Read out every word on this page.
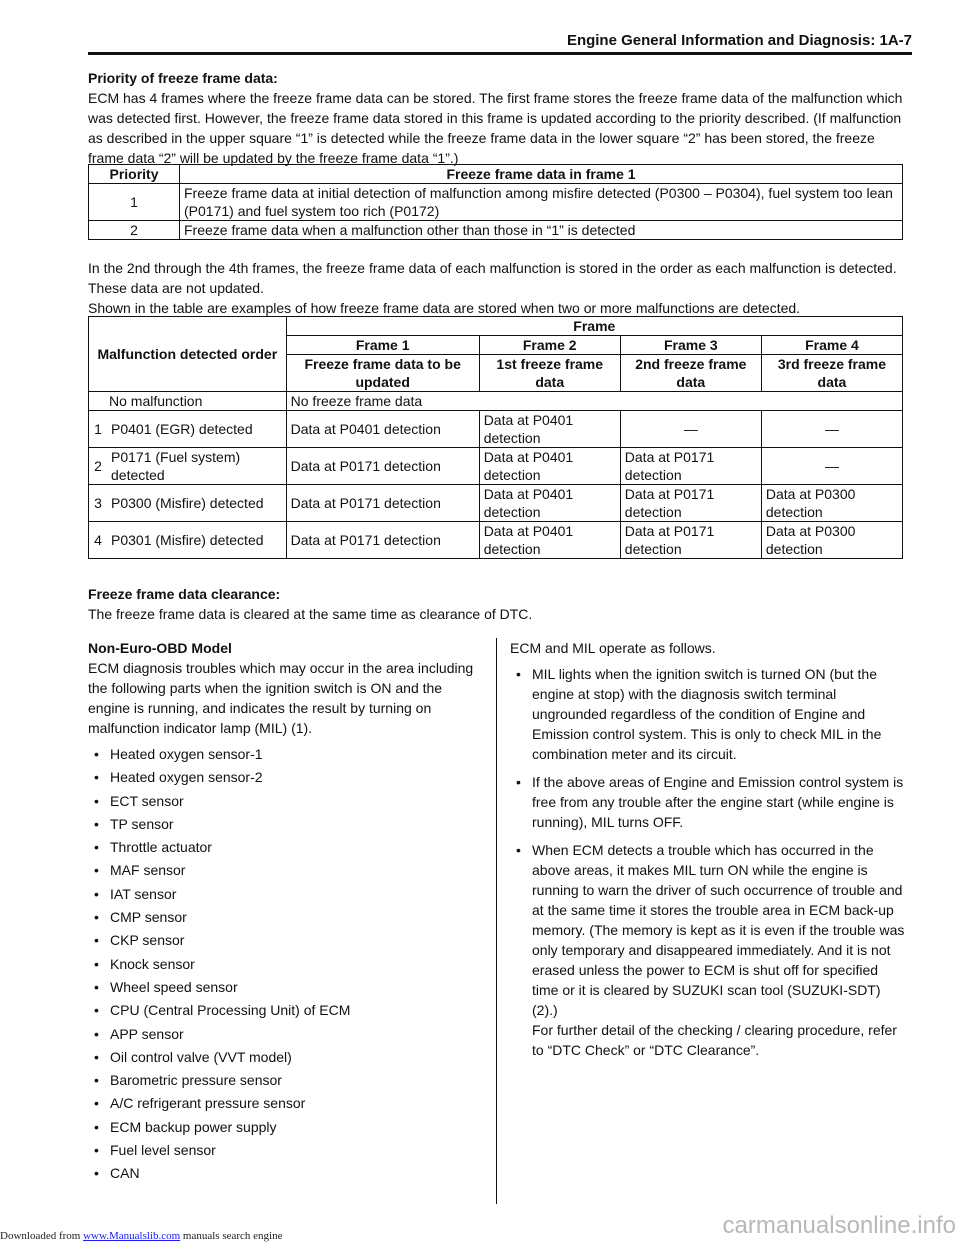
Engine General Information and Diagnosis: 1A-7

Priority of freeze frame data:

ECM has 4 frames where the freeze frame data can be stored. The first frame stores the freeze frame data of the malfunction which was detected first. However, the freeze frame data stored in this frame is updated according to the priority described. (If malfunction as described in the upper square “1” is detected while the freeze frame data in the lower square “2” has been stored, the freeze frame data “2” will be updated by the freeze frame data “1”.)

Priority	Freeze frame data in frame 1
1	Freeze frame data at initial detection of malfunction among misfire detected (P0300 – P0304), fuel system too lean (P0171) and fuel system too rich (P0172)
2	Freeze frame data when a malfunction other than those in “1” is detected

In the 2nd through the 4th frames, the freeze frame data of each malfunction is stored in the order as each malfunction is detected. These data are not updated.

Shown in the table are examples of how freeze frame data are stored when two or more malfunctions are detected.

Malfunction detected order		Frame			
		Frame 1	Frame 2	Frame 3	Frame 4
		Freeze frame data to be updated	1st freeze frame data	2nd freeze frame data	3rd freeze frame data
No malfunction		No freeze frame data			
1	P0401 (EGR) detected	Data at P0401 detection	Data at P0401 detection	—	—
2	P0171 (Fuel system) detected	Data at P0171 detection	Data at P0401 detection	Data at P0171 detection	—
3	P0300 (Misfire) detected	Data at P0171 detection	Data at P0401 detection	Data at P0171 detection	Data at P0300 detection
4	P0301 (Misfire) detected	Data at P0171 detection	Data at P0401 detection	Data at P0171 detection	Data at P0300 detection

Freeze frame data clearance:

The freeze frame data is cleared at the same time as clearance of DTC.

Non-Euro-OBD Model

ECM diagnosis troubles which may occur in the area including the following parts when the ignition switch is ON and the engine is running, and indicates the result by turning on malfunction indicator lamp (MIL) (1).

• Heated oxygen sensor-1
• Heated oxygen sensor-2
• ECT sensor
• TP sensor
• Throttle actuator
• MAF sensor
• IAT sensor
• CMP sensor
• CKP sensor
• Knock sensor
• Wheel speed sensor
• CPU (Central Processing Unit) of ECM
• APP sensor
• Oil control valve (VVT model)
• Barometric pressure sensor
• A/C refrigerant pressure sensor
• ECM backup power supply
• Fuel level sensor
• CAN

ECM and MIL operate as follows.

• MIL lights when the ignition switch is turned ON (but the engine at stop) with the diagnosis switch terminal ungrounded regardless of the condition of Engine and Emission control system. This is only to check MIL in the combination meter and its circuit.
• If the above areas of Engine and Emission control system is free from any trouble after the engine start (while engine is running), MIL turns OFF.
• When ECM detects a trouble which has occurred in the above areas, it makes MIL turn ON while the engine is running to warn the driver of such occurrence of trouble and at the same time it stores the trouble area in ECM back-up memory. (The memory is kept as it is even if the trouble was only temporary and disappeared immediately. And it is not erased unless the power to ECM is shut off for specified time or it is cleared by SUZUKI scan tool (SUZUKI-SDT) (2).)
For further detail of the checking / clearing procedure, refer to “DTC Check” or “DTC Clearance”.
Downloaded from www.Manualslib.com manuals search engine	carmanualsonline.info
